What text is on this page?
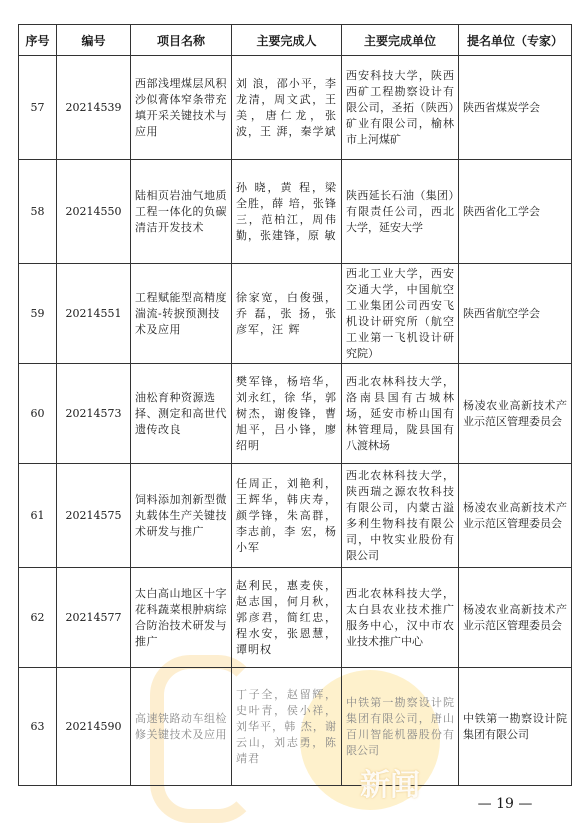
序号	编号	项目名称	主要完成人	主要完成单位	提名单位（专家）
57	20214539	西部浅埋煤层风积沙似膏体窄条带充填开采关键技术与应用	刘 浪，邵小平，李龙清，周文武，王 美，唐仁龙，张 波，王 湃，秦学斌	西安科技大学，陕西西矿工程勘察设计有限公司，圣拓（陕西）矿业有限公司，榆林市上河煤矿	陕西省煤炭学会
58	20214550	陆相页岩油气地质工程一体化的负碳清洁开发技术	孙 晓，黄 程，梁全胜，薛 培，张锋三，范柏江，周伟勤，张建锋，原 敏	陕西延长石油（集团）有限责任公司，西北大学，延安大学	陕西省化工学会
59	20214551	工程赋能型高精度湍流-转捩预测技术及应用	徐家宽，白俊强，乔 磊，张 扬，张彦军，汪 辉	西北工业大学，西安交通大学，中国航空工业集团公司西安飞机设计研究所（航空工业第一飞机设计研究院）	陕西省航空学会
60	20214573	油松育种资源选择、测定和高世代遗传改良	樊军锋，杨培华，刘永红，徐 华，郭树杰，谢俊锋，曹旭平，吕小锋，廖绍明	西北农林科技大学，洛南县国有古城林场，延安市桥山国有林管理局，陇县国有八渡林场	杨凌农业高新技术产业示范区管理委员会
61	20214575	饲料添加剂新型微丸载体生产关键技术研发与推广	任周正，刘艳利，王辉华，韩庆寿，颜学锋，朱高群，李志前，李 宏，杨小军	西北农林科技大学，陕西瑞之源农牧科技有限公司，内蒙古溢多利生物科技有限公司，中牧实业股份有限公司	杨凌农业高新技术产业示范区管理委员会
62	20214577	太白高山地区十字花科蔬菜根肿病综合防治技术研发与推广	赵利民，惠麦侠，赵志国，何月秋，郭彦君，简红忠，程水安，张恩慧，谭明权	西北农林科技大学，太白县农业技术推广服务中心，汉中市农业技术推广中心	杨凌农业高新技术产业示范区管理委员会
63	20214590	高速铁路动车组检修关键技术及应用	丁子全，赵留辉，史叶青，侯小祥，刘华平，韩 杰，谢云山，刘志勇，陈靖君	中铁第一勘察设计院集团有限公司，唐山百川智能机器股份有限公司	中铁第一勘察设计院集团有限公司
新闻
— 19 —
